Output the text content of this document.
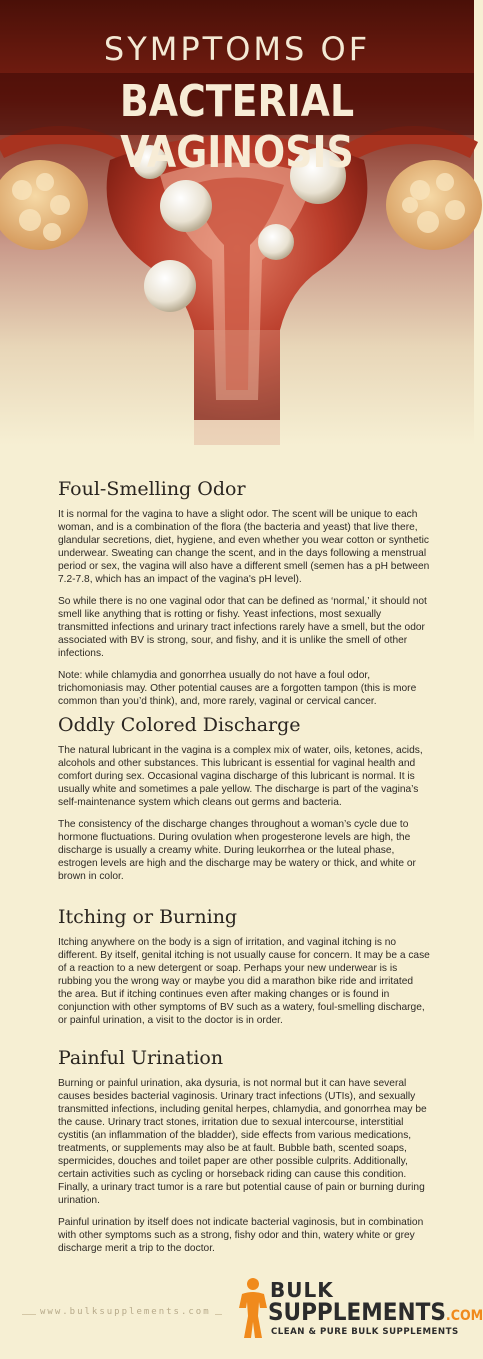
SYMPTOMS OF
BACTERIAL VAGINOSIS
Foul-Smelling Odor

It is normal for the vagina to have a slight odor. The scent will be unique to each woman, and is a combination of the flora (the bacteria and yeast) that live there, glandular secretions, diet, hygiene, and even whether you wear cotton or synthetic underwear. Sweating can change the scent, and in the days following a menstrual period or sex, the vagina will also have a different smell (semen has a pH between 7.2-7.8, which has an impact of the vagina's pH level).

So while there is no one vaginal odor that can be defined as ‘normal,’ it should not smell like anything that is rotting or fishy. Yeast infections, most sexually transmitted infections and urinary tract infections rarely have a smell, but the odor associated with BV is strong, sour, and fishy, and it is unlike the smell of other infections.

Note: while chlamydia and gonorrhea usually do not have a foul odor, trichomoniasis may. Other potential causes are a forgotten tampon (this is more common than you’d think), and, more rarely, vaginal or cervical cancer.

Oddly Colored Discharge

The natural lubricant in the vagina is a complex mix of water, oils, ketones, acids, alcohols and other substances. This lubricant is essential for vaginal health and comfort during sex. Occasional vagina discharge of this lubricant is normal. It is usually white and sometimes a pale yellow. The discharge is part of the vagina’s self-maintenance system which cleans out germs and bacteria.

The consistency of the discharge changes throughout a woman’s cycle due to hormone fluctuations. During ovulation when progesterone levels are high, the discharge is usually a creamy white. During leukorrhea or the luteal phase, estrogen levels are high and the discharge may be watery or thick, and white or brown in color.

Itching or Burning

Itching anywhere on the body is a sign of irritation, and vaginal itching is no different. By itself, genital itching is not usually cause for concern. It may be a case of a reaction to a new detergent or soap. Perhaps your new underwear is is rubbing you the wrong way or maybe you did a marathon bike ride and irritated the area. But if itching continues even after making changes or is found in conjunction with other symptoms of BV such as a watery, foul-smelling discharge, or painful urination, a visit to the doctor is in order.

Painful Urination

Burning or painful urination, aka dysuria, is not normal but it can have several causes besides bacterial vaginosis. Urinary tract infections (UTIs), and sexually transmitted infections, including genital herpes, chlamydia, and gonorrhea may be the cause. Urinary tract stones, irritation due to sexual intercourse, interstitial cystitis (an inflammation of the bladder), side effects from various medications, treatments, or supplements may also be at fault. Bubble bath, scented soaps, spermicides, douches and toilet paper are other possible culprits. Additionally, certain activities such as cycling or horseback riding can cause this condition. Finally, a urinary tract tumor is a rare but potential cause of pain or burning during urination.

Painful urination by itself does not indicate bacterial vaginosis, but in combination with other symptoms such as a strong, fishy odor and thin, watery white or grey discharge merit a trip to the doctor.

www.bulksupplements.com
BULK
SUPPLEMENTS.COM
CLEAN & PURE BULK SUPPLEMENTS
